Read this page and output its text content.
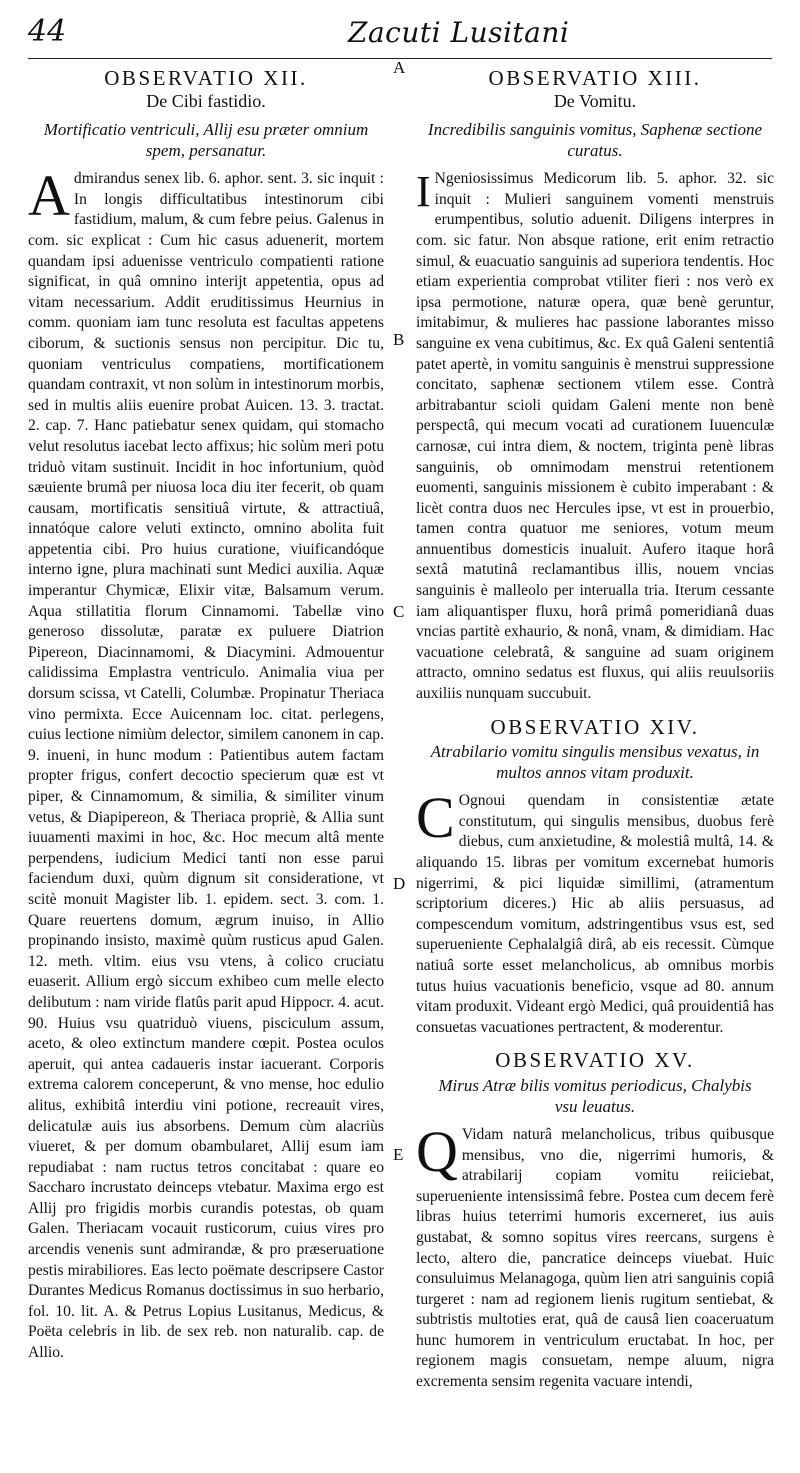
44	Zacuti Lusitani
A
B
C
D
E
OBSERVATIO XII.
De Cibi fastidio.
Mortificatio ventriculi, Allij esu præter omnium spem, persanatur.

Admirandus senex lib. 6. aphor. sent. 3. sic inquit : In longis difficultatibus intestinorum cibi fastidium, malum, & cum febre peius. Galenus in com. sic explicat : Cum hic casus aduenerit, mortem quandam ipsi aduenisse ventriculo compatienti ratione significat, in quâ omnino interijt appetentia, opus ad vitam necessarium. Addit eruditissimus Heurnius in comm. quoniam iam tunc resoluta est facultas appetens ciborum, & suctionis sensus non percipitur. Dic tu, quoniam ventriculus compatiens, mortificationem quandam contraxit, vt non solùm in intestinorum morbis, sed in multis aliis euenire probat Auicen. 13. 3. tractat. 2. cap. 7. Hanc patiebatur senex quidam, qui stomacho velut resolutus iacebat lecto affixus; hic solùm meri potu triduò vitam sustinuit. Incidit in hoc infortunium, quòd sæuiente brumâ per niuosa loca diu iter fecerit, ob quam causam, mortificatis sensitiuâ virtute, & attractiuâ, innatóque calore veluti extincto, omnino abolita fuit appetentia cibi. Pro huius curatione, viuificandóque interno igne, plura machinati sunt Medici auxilia. Aquæ imperantur Chymicæ, Elixir vitæ, Balsamum verum. Aqua stillatitia florum Cinnamomi. Tabellæ vino generoso dissolutæ, paratæ ex puluere Diatrion Pipereon, Diacinnamomi, & Diacymini. Admouentur calidissima Emplastra ventriculo. Animalia viua per dorsum scissa, vt Catelli, Columbæ. Propinatur Theriaca vino permixta. Ecce Auicennam loc. citat. perlegens, cuius lectione nimiùm delector, similem canonem in cap. 9. inueni, in hunc modum : Patientibus autem factam propter frigus, confert decoctio specierum quæ est vt piper, & Cinnamomum, & similia, & similiter vinum vetus, & Diapipereon, & Theriaca propriè, & Allia sunt iuuamenti maximi in hoc, &c. Hoc mecum altâ mente perpendens, iudicium Medici tanti non esse parui faciendum duxi, quùm dignum sit consideratione, vt scitè monuit Magister lib. 1. epidem. sect. 3. com. 1. Quare reuertens domum, ægrum inuiso, in Allio propinando insisto, maximè quùm rusticus apud Galen. 12. meth. vltim. eius vsu vtens, à colico cruciatu euaserit. Allium ergò siccum exhibeo cum melle electo delibutum : nam viride flatûs parit apud Hippocr. 4. acut. 90. Huius vsu quatriduò viuens, pisciculum assum, aceto, & oleo extinctum mandere cœpit. Postea oculos aperuit, qui antea cadaueris instar iacuerant. Corporis extrema calorem conceperunt, & vno mense, hoc edulio alitus, exhibitâ interdiu vini potione, recreauit vires, delicatulæ auis ius absorbens. Demum cùm alacriùs viueret, & per domum obambularet, Allij esum iam repudiabat : nam ructus tetros concitabat : quare eo Saccharo incrustato deinceps vtebatur. Maxima ergo est Allij pro frigidis morbis curandis potestas, ob quam Galen. Theriacam vocauit rusticorum, cuius vires pro arcendis venenis sunt admirandæ, & pro præseruatione pestis mirabiliores. Eas lecto poëmate descripsere Castor Durantes Medicus Romanus doctissimus in suo herbario, fol. 10. lit. A. & Petrus Lopius Lusitanus, Medicus, & Poëta celebris in lib. de sex reb. non naturalib. cap. de Allio.

OBSERVATIO XIII.
De Vomitu.
Incredibilis sanguinis vomitus, Saphenæ sectione curatus.

I Ngeniosissimus Medicorum lib. 5. aphor. 32. sic inquit : Mulieri sanguinem vomenti menstruis erumpentibus, solutio aduenit. Diligens interpres in com. sic fatur. Non absque ratione, erit enim retractio simul, & euacuatio sanguinis ad superiora tendentis. Hoc etiam experientia comprobat vtiliter fieri : nos verò ex ipsa permotione, naturæ opera, quæ benè geruntur, imitabimur, & mulieres hac passione laborantes misso sanguine ex vena cubitimus, &c. Ex quâ Galeni sententiâ patet apertè, in vomitu sanguinis è menstrui suppressione concitato, saphenæ sectionem vtilem esse. Contrà arbitrabantur scioli quidam Galeni mente non benè perspectâ, qui mecum vocati ad curationem Iuuenculæ carnosæ, cui intra diem, & noctem, triginta penè libras sanguinis, ob omnimodam menstrui retentionem euomenti, sanguinis missionem è cubito imperabant : & licèt contra duos nec Hercules ipse, vt est in prouerbio, tamen contra quatuor me seniores, votum meum annuentibus domesticis inualuit. Aufero itaque horâ sextâ matutinâ reclamantibus illis, nouem vncias sanguinis è malleolo per interualla tria. Iterum cessante iam aliquantisper fluxu, horâ primâ pomeridianâ duas vncias partitè exhaurio, & nonâ, vnam, & dimidiam. Hac vacuatione celebratâ, & sanguine ad suam originem attracto, omnino sedatus est fluxus, qui aliis reuulsoriis auxiliis nunquam succubuit.

OBSERVATIO XIV.
Atrabilario vomitu singulis mensibus vexatus, in multos annos vitam produxit.

C Ognoui quendam in consistentiæ ætate constitutum, qui singulis mensibus, duobus ferè diebus, cum anxietudine, & molestiâ multâ, 14. & aliquando 15. libras per vomitum excernebat humoris nigerrimi, & pici liquidæ simillimi, (atramentum scriptorium diceres.) Hic ab aliis persuasus, ad compescendum vomitum, adstringentibus vsus est, sed superueniente Cephalalgiâ dirâ, ab eis recessit. Cùmque natiuâ sorte esset melancholicus, ab omnibus morbis tutus huius vacuationis beneficio, vsque ad 80. annum vitam produxit. Videant ergò Medici, quâ prouidentiâ has consuetas vacuationes pertractent, & moderentur.

OBSERVATIO XV.
Mirus Atræ bilis vomitus periodicus, Chalybis vsu leuatus.

Q Vidam naturâ melancholicus, tribus quibusque mensibus, vno die, nigerrimi humoris, & atrabilarij copiam vomitu reiiciebat, superueniente intensissimâ febre. Postea cum decem ferè libras huius teterrimi humoris excerneret, ius auis gustabat, & somno sopitus vires reercans, surgens è lecto, altero die, pancratice deinceps viuebat. Huic consuluimus Melanagoga, quùm lien atri sanguinis copiâ turgeret : nam ad regionem lienis rugitum sentiebat, & subtristis multoties erat, quâ de causâ lien coaceruatum hunc humorem in ventriculum eructabat. In hoc, per regionem magis consuetam, nempe aluum, nigra excrementa sensim regenita vacuare intendi,
